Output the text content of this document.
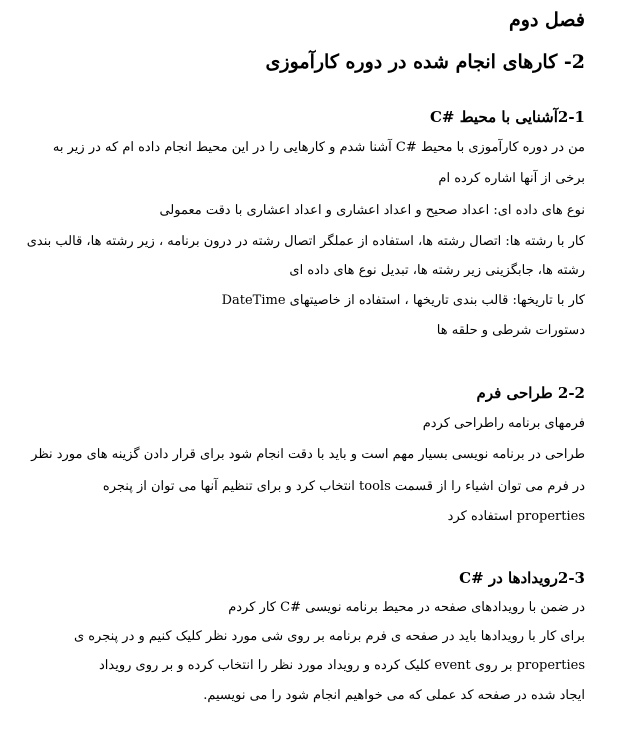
فصل دوم
2- کارهای انجام شده در دوره کارآموزی
2-1آشنایی با محیط #C
من در دوره کارآموزی با محیط #C آشنا شدم و کارهایی را در این محیط انجام داده ام که در زیر به
برخی از آنها اشاره کرده ام
نوع های داده ای: اعداد صحیح و اعداد اعشاری و اعداد اعشاری با دقت معمولی
کار با رشته ها: اتصال رشته ها، استفاده از عملگر اتصال رشته در درون برنامه ، زیر رشته ها، قالب بندی
رشته ها، جابگزینی زیر رشته ها، تبدیل نوع های داده ای
کار با تاریخها: قالب بندی تاریخها ، استفاده از خاصیتهای DateTime
دستورات شرطی و حلقه ها
2-2 طراحی فرم
فرمهای برنامه راطراحی کردم
طراحی در برنامه نویسی بسیار مهم است و باید با دقت انجام شود برای قرار دادن گزینه های مورد نظر
در فرم می توان اشیاء را از قسمت tools انتخاب کرد و برای تنظیم آنها می توان از پنجره
properties استفاده کرد
2-3رویدادها در #C
در ضمن با رویدادهای صفحه در محیط برنامه نویسی #C کار کردم
برای کار با رویدادها باید در صفحه ی فرم برنامه بر روی شی مورد نظر کلیک کنیم و در پنجره ی
properties بر روی event کلیک کرده و رویداد مورد نظر را انتخاب کرده و بر روی رویداد
ایجاد شده در صفحه کد عملی که می خواهیم انجام شود را می نویسیم.
